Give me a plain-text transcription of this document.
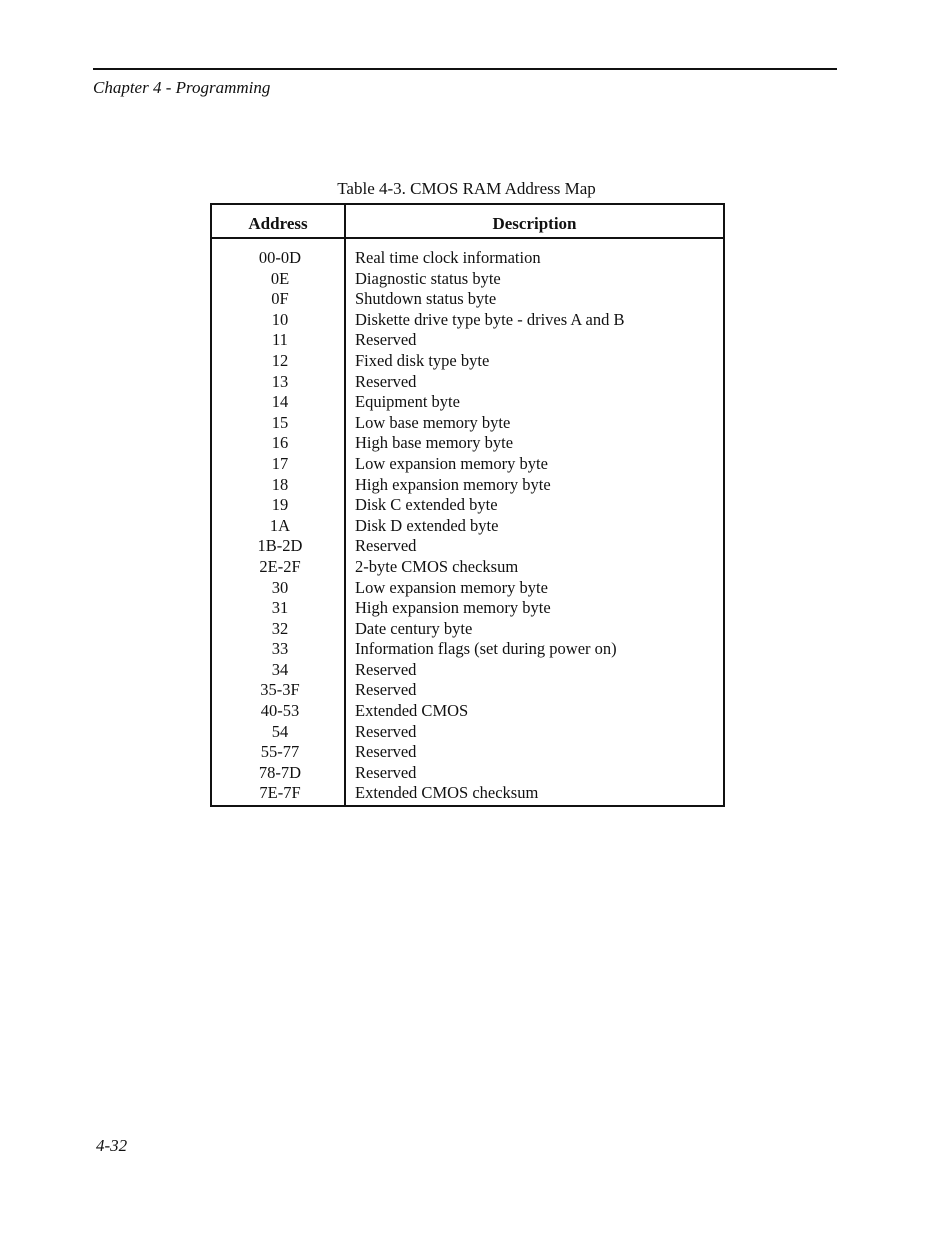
Chapter 4 - Programming
Table 4-3. CMOS RAM Address Map
Address	Description
00-0D	Real time clock information
0E	Diagnostic status byte
0F	Shutdown status byte
10	Diskette drive type byte - drives A and B
11	Reserved
12	Fixed disk type byte
13	Reserved
14	Equipment byte
15	Low base memory byte
16	High base memory byte
17	Low expansion memory byte
18	High expansion memory byte
19	Disk C extended byte
1A	Disk D extended byte
1B-2D	Reserved
2E-2F	2-byte CMOS checksum
30	Low expansion memory byte
31	High expansion memory byte
32	Date century byte
33	Information flags (set during power on)
34	Reserved
35-3F	Reserved
40-53	Extended CMOS
54	Reserved
55-77	Reserved
78-7D	Reserved
7E-7F	Extended CMOS checksum
4-32
